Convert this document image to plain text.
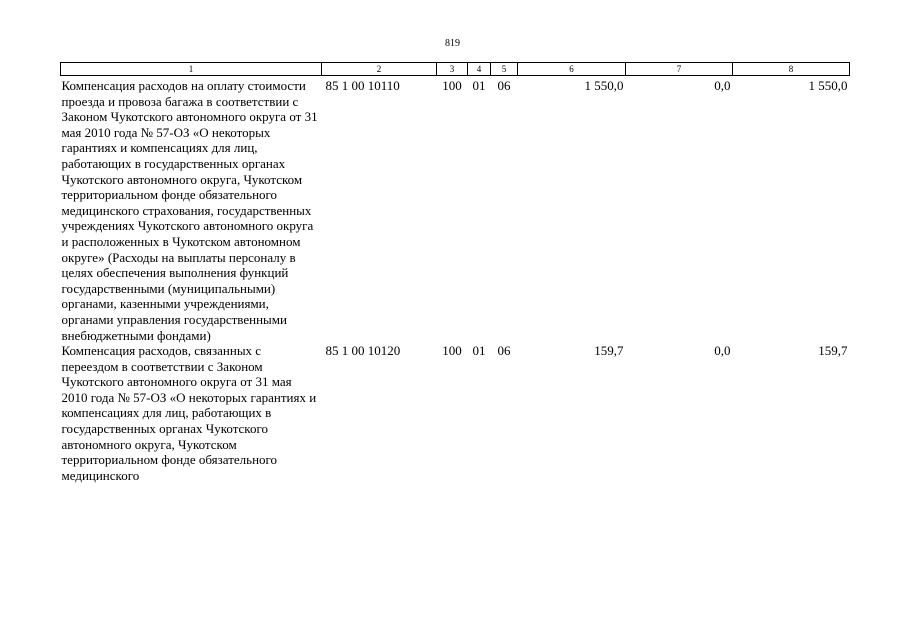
819
1	2	3	4	5	6	7	8
Компенсация расходов на оплату стоимости проезда и провоза багажа в соответствии с Законом Чукотского автономного округа от 31 мая 2010 года № 57-ОЗ «О некоторых гарантиях и компенсациях для лиц, работающих в государственных органах Чукотского автономного округа, Чукотском территориальном фонде обязательного медицинского страхования, государственных учреждениях Чукотского автономного округа и расположенных в Чукотском автономном округе» (Расходы на выплаты персоналу в целях обеспечения выполнения функций государственными (муниципальными) органами, казенными учреждениями, органами управления государственными внебюджетными фондами)	85 1 00 10110	100	01	06	1 550,0	0,0	1 550,0
Компенсация расходов, связанных с переездом в соответствии с Законом Чукотского автономного округа от 31 мая 2010 года № 57-ОЗ «О некоторых гарантиях и компенсациях для лиц, работающих в государственных органах Чукотского автономного округа, Чукотском территориальном фонде обязательного медицинского	85 1 00 10120	100	01	06	159,7	0,0	159,7
